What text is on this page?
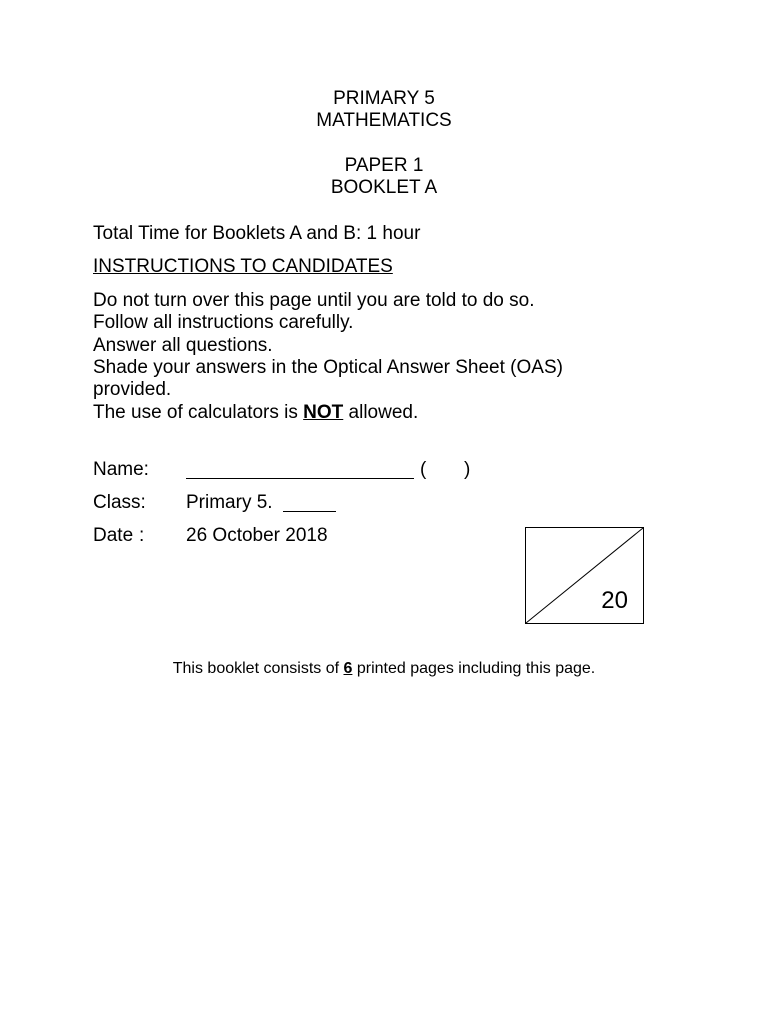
PRIMARY 5
MATHEMATICS
PAPER 1
BOOKLET A
Total Time for Booklets A and B: 1 hour
INSTRUCTIONS TO CANDIDATES
Do not turn over this page until you are told to do so.
Follow all instructions carefully.
Answer all questions.
Shade your answers in the Optical Answer Sheet (OAS)
provided.
The use of calculators is NOT allowed.
Name:	( )
Class: Primary 5.
Date : 26 October 2018
20
This booklet consists of 6 printed pages including this page.
